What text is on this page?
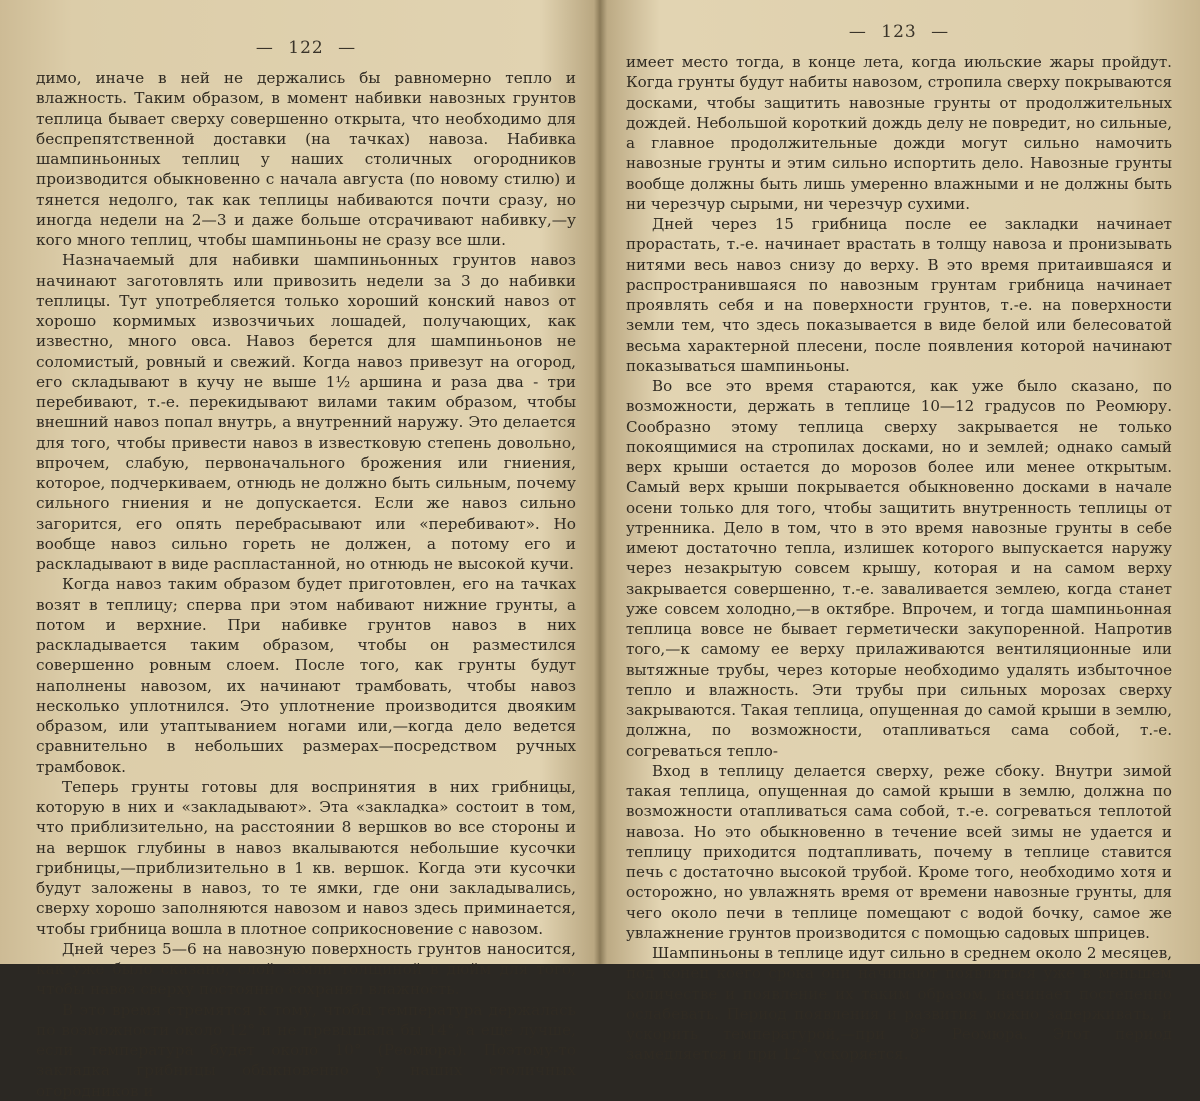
— 122 —

димо, иначе в ней не держались бы равномерно тепло и влажность. Таким образом, в момент набивки навозных грунтов теплица бывает сверху совершенно открыта, что необходимо для беспрепятственной доставки (на тачках) навоза. Набивка шампиньонных теплиц у наших столичных огородников производится обыкновенно с начала августа (по новому стилю) и тянется недолго, так как теплицы набиваются почти сразу, но иногда недели на 2—3 и даже больше отсрачивают набивку,—у кого много теплиц, чтобы шампиньоны не сразу все шли.

Назначаемый для набивки шампиньонных грунтов навоз начинают заготовлять или привозить недели за 3 до набивки теплицы. Тут употребляется только хороший конский навоз от хорошо кормимых извозчичьих лошадей, получающих, как известно, много овса. Навоз берется для шампиньонов не соломистый, ровный и свежий. Когда навоз привезут на огород, его складывают в кучу не выше 1½ аршина и раза два - три перебивают, т.-е. перекидывают вилами таким образом, чтобы внешний навоз попал внутрь, а внутренний наружу. Это делается для того, чтобы привести навоз в известковую степень довольно, впрочем, слабую, первоначального брожения или гниения, которое, подчеркиваем, отнюдь не должно быть сильным, почему сильного гниения и не допускается. Если же навоз сильно загорится, его опять перебрасывают или «перебивают». Но вообще навоз сильно гореть не должен, а потому его и раскладывают в виде распластанной, но отнюдь не высокой кучи.

Когда навоз таким образом будет приготовлен, его на тачках возят в теплицу; сперва при этом набивают нижние грунты, а потом и верхние. При набивке грунтов навоз в них раскладывается таким образом, чтобы он разместился совершенно ровным слоем. После того, как грунты будут наполнены навозом, их начинают трамбовать, чтобы навоз несколько уплотнился. Это уплотнение производится двояким образом, или утаптыванием ногами или,—когда дело ведется сравнительно в небольших размерах—посредством ручных трамбовок.

Теперь грунты готовы для воспринятия в них грибницы, которую в них и «закладывают». Эта «закладка» состоит в том, что приблизительно, на расстоянии 8 вершков во все стороны и на вершок глубины в навоз вкалываются небольшие кусочки грибницы,—приблизительно в 1 кв. вершок. Когда эти кусочки будут заложены в навоз, то те ямки, где они закладывались, сверху хорошо заполняются навозом и навоз здесь приминается, чтобы грибница вошла в плотное соприкосновение с навозом.

Дней через 5—6 на навозную поверхность грунтов наносится, как уже было сказано, слой земли толщиной в дюйм для того, чтобы навоз сверху постоянно сохранял влажность.

В это время стремятся к тому, чтобы температура держалась по возможности около 12° и не превышала бы 14°, а еще лучше, если температура будет около 10° (Реомюра). Поэтому-то закладка грибницы обыкновенно у наших столичных огородников и

— 123 —

имеет место тогда, в конце лета, когда июльские жары пройдут. Когда грунты будут набиты навозом, стропила сверху покрываются досками, чтобы защитить навозные грунты от продолжительных дождей. Небольшой короткий дождь делу не повредит, но сильные, а главное продолжительные дожди могут сильно намочить навозные грунты и этим сильно испортить дело. Навозные грунты вообще должны быть лишь умеренно влажными и не должны быть ни черезчур сырыми, ни черезчур сухими.

Дней через 15 грибница после ее закладки начинает прорастать, т.-е. начинает врастать в толщу навоза и пронизывать нитями весь навоз снизу до верху. В это время притаившаяся и распространившаяся по навозным грунтам грибница начинает проявлять себя и на поверхности грунтов, т.-е. на поверхности земли тем, что здесь показывается в виде белой или белесоватой весьма характерной плесени, после появления которой начинают показываться шампиньоны.

Во все это время стараются, как уже было сказано, по возможности, держать в теплице 10—12 градусов по Реомюру. Сообразно этому теплица сверху закрывается не только покоящимися на стропилах досками, но и землей; однако самый верх крыши остается до морозов более или менее открытым. Самый верх крыши покрывается обыкновенно досками в начале осени только для того, чтобы защитить внутренность теплицы от утренника. Дело в том, что в это время навозные грунты в себе имеют достаточно тепла, излишек которого выпускается наружу через незакрытую совсем крышу, которая и на самом верху закрывается совершенно, т.-е. заваливается землею, когда станет уже совсем холодно,—в октябре. Впрочем, и тогда шампиньонная теплица вовсе не бывает герметически закупоренной. Напротив того,—к самому ее верху прилаживаются вентиляционные или вытяжные трубы, через которые необходимо удалять избыточное тепло и влажность. Эти трубы при сильных морозах сверху закрываются. Такая теплица, опущенная до самой крыши в землю, должна, по возможности, отапливаться сама собой, т.-е. согреваться тепло-

Вход в теплицу делается сверху, реже сбоку. Внутри зимой такая теплица, опущенная до самой крыши в землю, должна по возможности отапливаться сама собой, т.-е. согреваться теплотой навоза. Но это обыкновенно в течение всей зимы не удается и теплицу приходится подтапливать, почему в теплице ставится печь с достаточно высокой трубой. Кроме того, необходимо хотя и осторожно, но увлажнять время от времени навозные грунты, для чего около печи в теплице помещают с водой бочку, самое же увлажнение грунтов производится с помощью садовых шприцев.

Шампиньоны в теплице идут сильно в среднем около 2 месяцев, под конец коего срока они начинают появляться уже в меньшем количестве и появление их таким образом, начинает постепенно ослабевать. Период появления и развития можно задерживать, и ускорить температурой,—при 8° Реомюра. Этот период замедляется и при 12° ускоряется.
